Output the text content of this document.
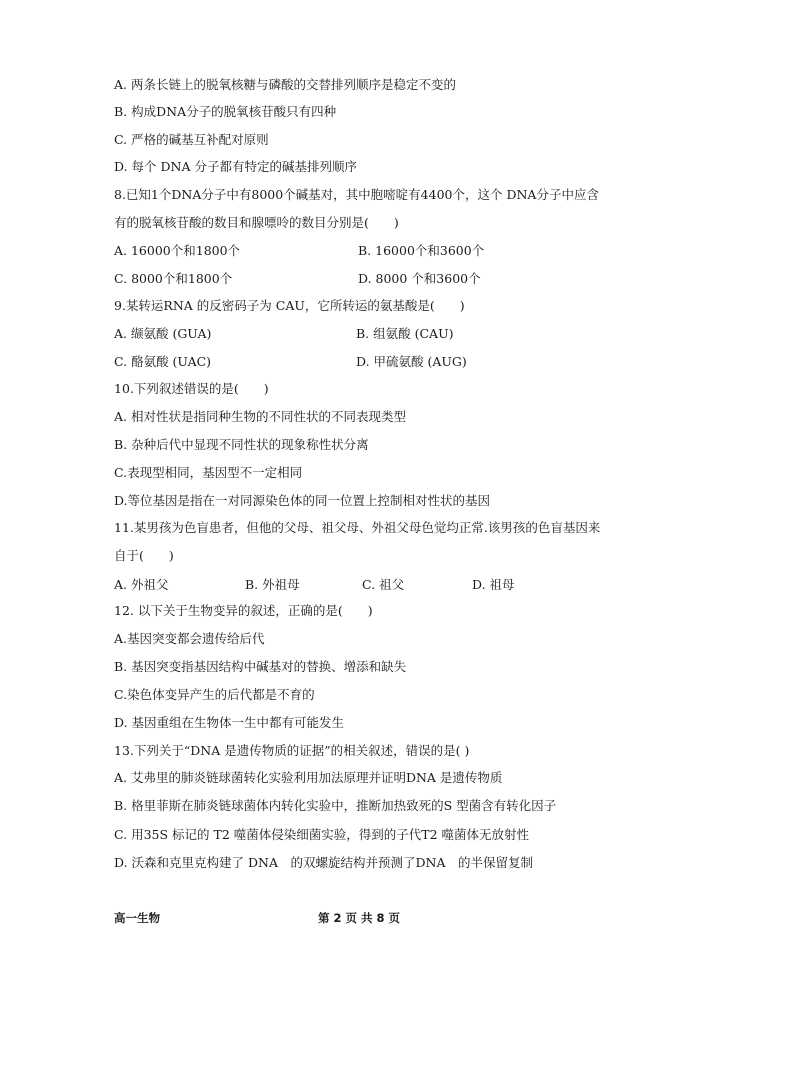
A. 两条长链上的脱氧核糖与磷酸的交替排列顺序是稳定不变的
B. 构成DNA分子的脱氧核苷酸只有四种
C. 严格的碱基互补配对原则
D. 每个 DNA 分子都有特定的碱基排列顺序
8.已知1个DNA分子中有8000个碱基对，其中胞嘧啶有4400个，这个 DNA分子中应含
有的脱氧核苷酸的数目和腺嘌呤的数目分别是(　　)
A. 16000个和1800个	B. 16000个和3600个
C. 8000个和1800个	D. 8000 个和3600个
9.某转运RNA 的反密码子为 CAU，它所转运的氨基酸是(　　)
A. 缬氨酸 (GUA)	B. 组氨酸 (CAU)
C. 酪氨酸 (UAC)	D. 甲硫氨酸 (AUG)
10.下列叙述错误的是(　　)
A. 相对性状是指同种生物的不同性状的不同表现类型
B. 杂种后代中显现不同性状的现象称性状分离
C.表现型相同，基因型不一定相同
D.等位基因是指在一对同源染色体的同一位置上控制相对性状的基因
11.某男孩为色盲患者，但他的父母、祖父母、外祖父母色觉均正常.该男孩的色盲基因来
自于(　　)
A. 外祖父	B. 外祖母	C. 祖父	D. 祖母
12. 以下关于生物变异的叙述，正确的是(　　)
A.基因突变都会遗传给后代
B. 基因突变指基因结构中碱基对的替换、增添和缺失
C.染色体变异产生的后代都是不育的
D. 基因重组在生物体一生中都有可能发生
13.下列关于“DNA 是遗传物质的证据”的相关叙述，错误的是( )
A. 艾弗里的肺炎链球菌转化实验利用加法原理并证明DNA 是遗传物质
B. 格里菲斯在肺炎链球菌体内转化实验中，推断加热致死的S 型菌含有转化因子
C. 用35S 标记的 T2 噬菌体侵染细菌实验，得到的子代T2 噬菌体无放射性
D. 沃森和克里克构建了 DNA　的双螺旋结构并预测了DNA　的半保留复制
高一生物	第 2 页 共 8 页
